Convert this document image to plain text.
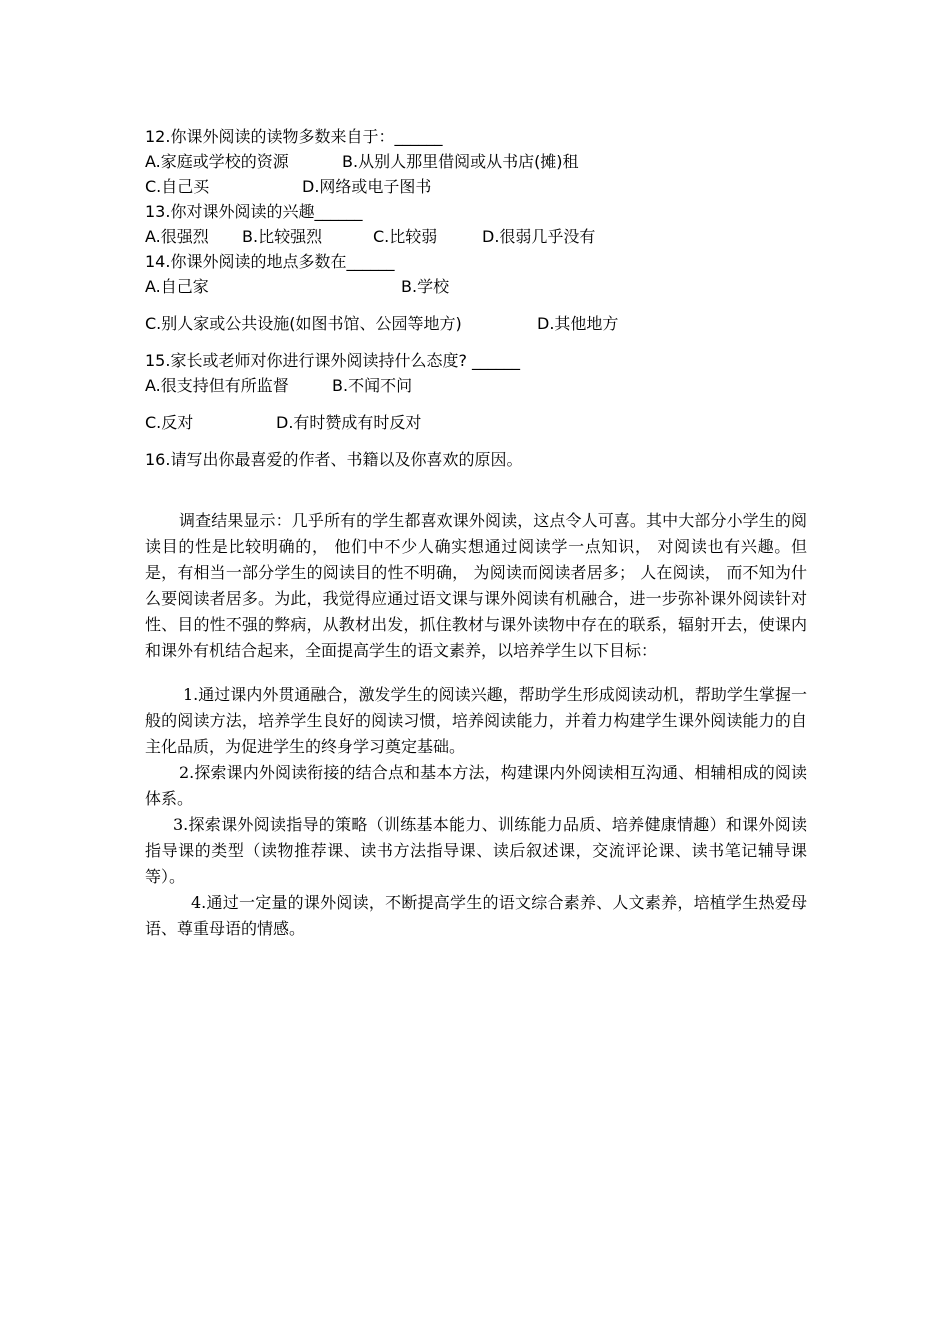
12.你课外阅读的读物多数来自于：______
A.家庭或学校的资源	B.从别人那里借阅或从书店(摊)租
C.自己买	D.网络或电子图书
13.你对课外阅读的兴趣______
A.很强烈 B.比较强烈	C.比较弱	D.很弱几乎没有
14.你课外阅读的地点多数在______
A.自己家	B.学校
C.别人家或公共设施(如图书馆、公园等地方)	D.其他地方
15.家长或老师对你进行课外阅读持什么态度? ______
A.很支持但有所监督	B.不闻不问
C.反对	D.有时赞成有时反对
16.请写出你最喜爱的作者、书籍以及你喜欢的原因。

调查结果显示：几乎所有的学生都喜欢课外阅读，这点令人可喜。其中大部分小学生的阅读目的性是比较明确的， 他们中不少人确实想通过阅读学一点知识， 对阅读也有兴趣。但是，有相当一部分学生的阅读目的性不明确， 为阅读而阅读者居多； 人在阅读， 而不知为什么要阅读者居多。为此，我觉得应通过语文课与课外阅读有机融合，进一步弥补课外阅读针对性、目的性不强的弊病，从教材出发，抓住教材与课外读物中存在的联系，辐射开去，使课内和课外有机结合起来，全面提高学生的语文素养，以培养学生以下目标：

1.通过课内外贯通融合，激发学生的阅读兴趣，帮助学生形成阅读动机，帮助学生掌握一般的阅读方法，培养学生良好的阅读习惯，培养阅读能力，并着力构建学生课外阅读能力的自主化品质，为促进学生的终身学习奠定基础。

2.探索课内外阅读衔接的结合点和基本方法，构建课内外阅读相互沟通、相辅相成的阅读体系。

3.探索课外阅读指导的策略（训练基本能力、训练能力品质、培养健康情趣）和课外阅读指导课的类型（读物推荐课、读书方法指导课、读后叙述课，交流评论课、读书笔记辅导课等）。

4.通过一定量的课外阅读，不断提高学生的语文综合素养、人文素养，培植学生热爱母语、尊重母语的情感。
